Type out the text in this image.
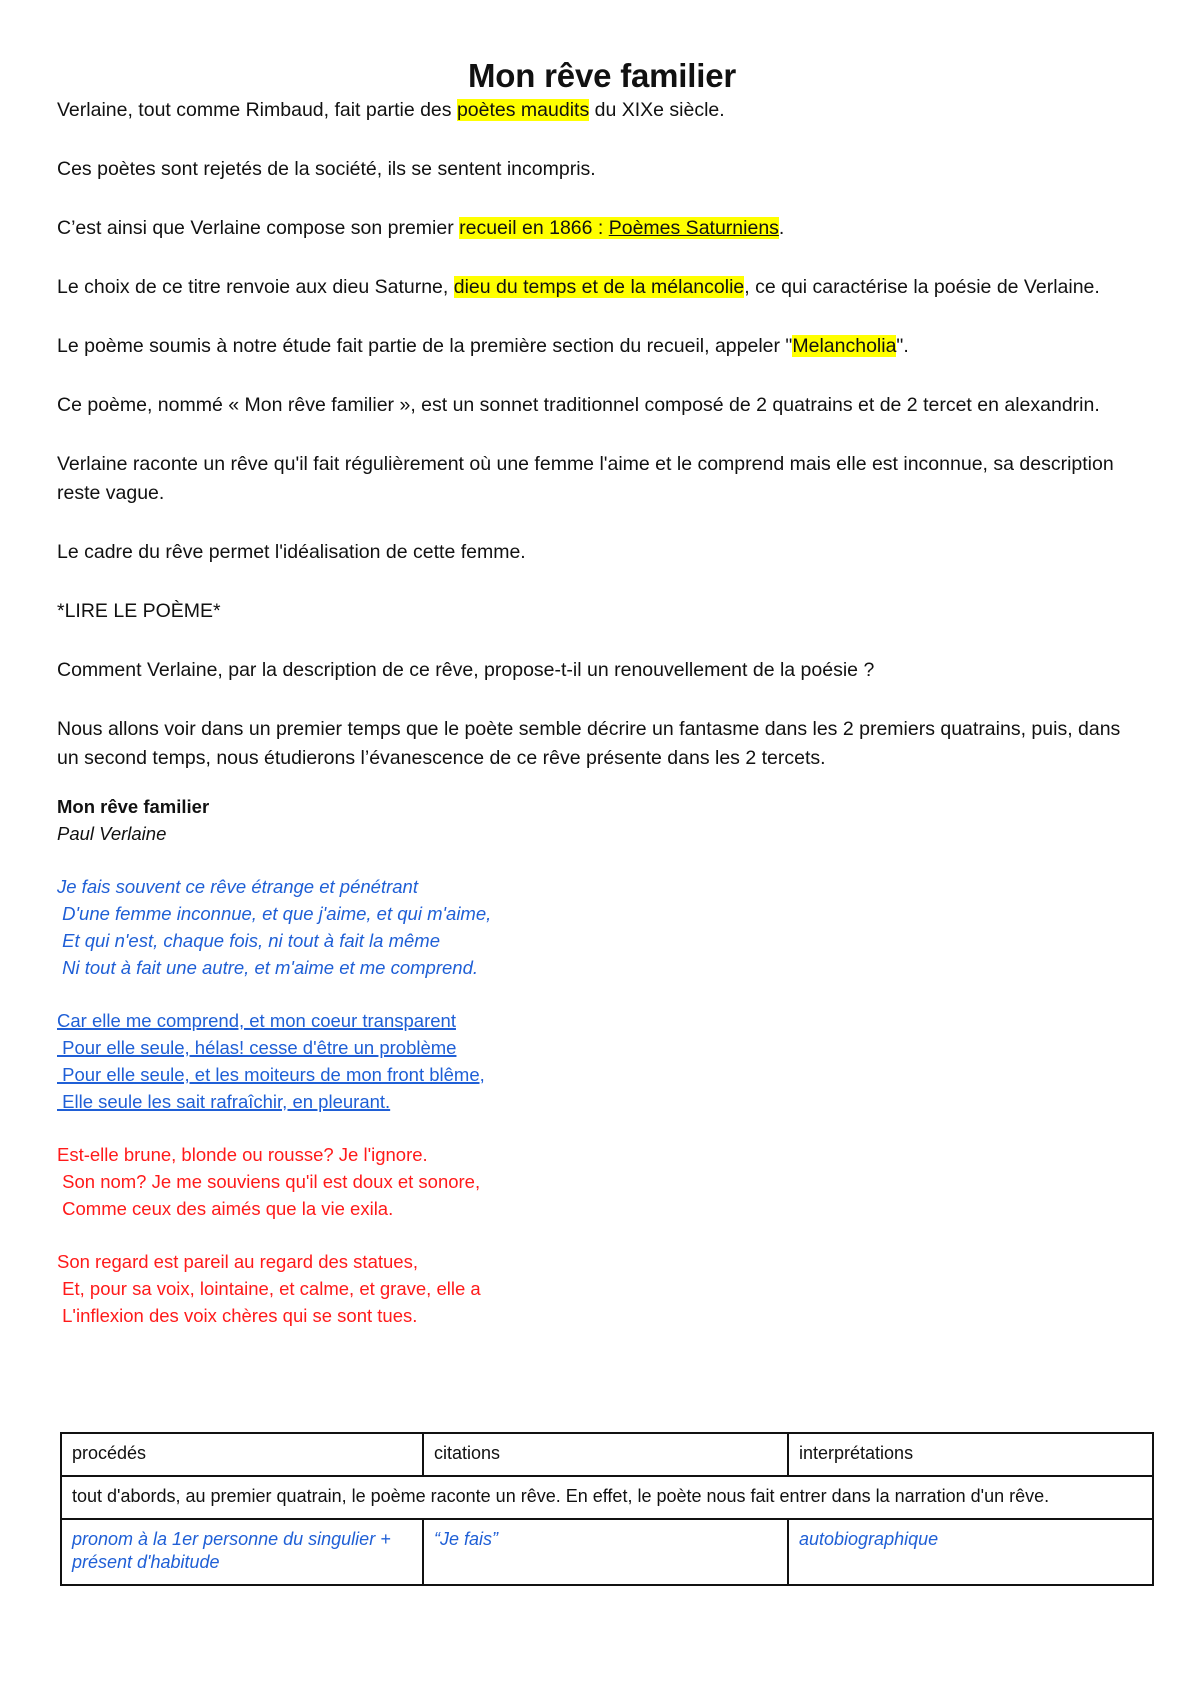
Mon rêve familier

Verlaine, tout comme Rimbaud, fait partie des poètes maudits du XIXe siècle.

Ces poètes sont rejetés de la société, ils se sentent incompris.

C’est ainsi que Verlaine compose son premier recueil en 1866 : Poèmes Saturniens.

Le choix de ce titre renvoie aux dieu Saturne, dieu du temps et de la mélancolie, ce qui caractérise la poésie de Verlaine.

Le poème soumis à notre étude fait partie de la première section du recueil, appeler "Melancholia".

Ce poème, nommé « Mon rêve familier », est un sonnet traditionnel composé de 2 quatrains et de 2 tercet en alexandrin.

Verlaine raconte un rêve qu'il fait régulièrement où une femme l'aime et le comprend mais elle est inconnue, sa description reste vague.

Le cadre du rêve permet l'idéalisation de cette femme.

*LIRE LE POÈME*

Comment Verlaine, par la description de ce rêve, propose-t-il un renouvellement de la poésie ?

Nous allons voir dans un premier temps que le poète semble décrire un fantasme dans les 2 premiers quatrains, puis, dans un second temps, nous étudierons l’évanescence de ce rêve présente dans les 2 tercets.

Mon rêve familier
Paul Verlaine
Je fais souvent ce rêve étrange et pénétrant
D'une femme inconnue, et que j'aime, et qui m'aime,
Et qui n'est, chaque fois, ni tout à fait la même
Ni tout à fait une autre, et m'aime et me comprend.
Car elle me comprend, et mon coeur transparent
Pour elle seule, hélas! cesse d'être un problème
Pour elle seule, et les moiteurs de mon front blême,
Elle seule les sait rafraîchir, en pleurant.
Est-elle brune, blonde ou rousse? Je l'ignore.
Son nom? Je me souviens qu'il est doux et sonore,
Comme ceux des aimés que la vie exila.
Son regard est pareil au regard des statues,
Et, pour sa voix, lointaine, et calme, et grave, elle a
L'inflexion des voix chères qui se sont tues.
procédés	citations	interprétations
tout d'abords, au premier quatrain, le poème raconte un rêve. En effet, le poète nous fait entrer dans la narration d'un rêve.		
pronom à la 1er personne du singulier + présent d'habitude	“Je fais”	autobiographique
